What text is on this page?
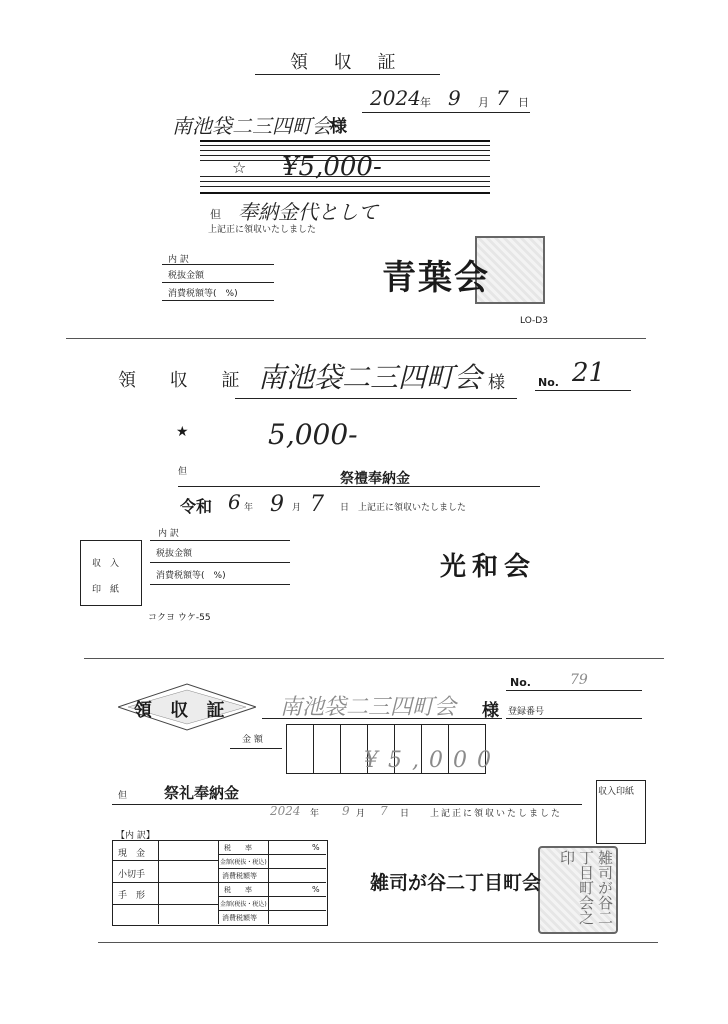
領 収 証
2024 年 9 月 7 日
南池袋二三四町会
様
☆ ¥5,000-
但 奉納金代として
上記正に領収いたしました
内 訳
税抜金額
消費税額等(　%)	青葉会
LO-D3
領 収 証 南池袋二三四町会 様	No. 21
★	5,000-
但	祭禮奉納金
令和 6 年 9 月 7 日 上記正に領収いたしました
内 訳
税抜金額
消費税額等(　%)
収　入
印　紙
光和会
コクヨ ウケ-55
領 収 証 南池袋二三四町会 様
No.	79
登録番号
金 額
¥5,000
但 祭礼奉納金
2024 年 9 月 7 日 上記正に領収いたしました
収入印紙
【内 訳】
現　金
小切手
手　形
税　　率	%
金額(税抜・税込)
消費税額等
税　　率	%
金額(税抜・税込)
消費税額等	雑司が谷二丁目町会之印
雑司が谷二丁目町会
